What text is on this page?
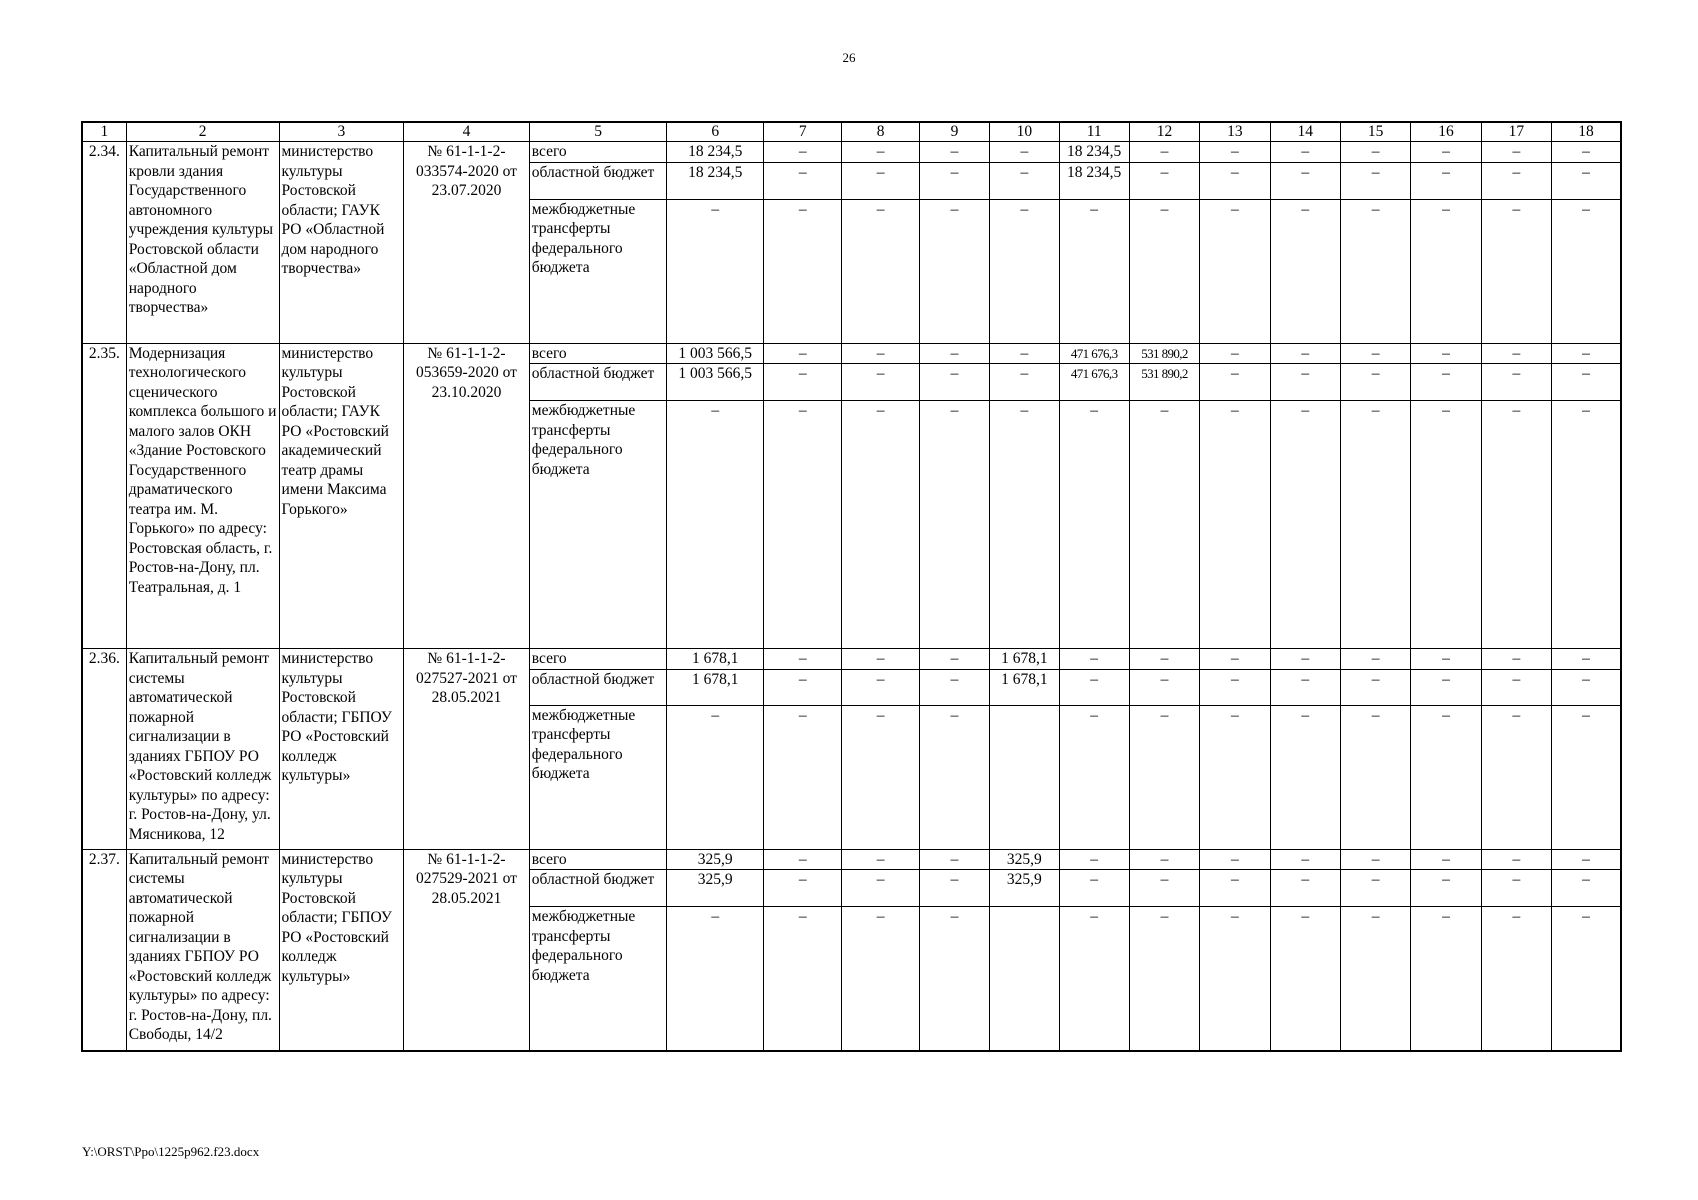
26
1	2	3	4	5	6	7	8	9	10	11	12	13	14	15	16	17	18
2.34.	Капитальный ремонт кровли здания Государственного автономного учреждения культуры Ростовской области «Областной дом народного творчества»	министерство культуры Ростовской области; ГАУК РО «Областной дом народного творчества»	№ 61-1-1-2-033574-2020 от 23.07.2020	всего	18 234,5	–	–	–	–	18 234,5	–	–	–	–	–	–	–
				областной бюджет	18 234,5	–	–	–	–	18 234,5	–	–	–	–	–	–	–
				межбюджетные трансферты федерального бюджета	–	–	–	–	–	–	–	–	–	–	–	–	–
2.35.	Модернизация технологического сценического комплекса большого и малого залов ОКН «Здание Ростовского Государственного драматического театра им. М. Горького» по адресу: Ростовская область, г. Ростов-на-Дону, пл. Театральная, д. 1	министерство культуры Ростовской области; ГАУК РО «Ростовский академический театр драмы имени Максима Горького»	№ 61-1-1-2-053659-2020 от 23.10.2020	всего	1 003 566,5	–	–	–	–	471 676,3	531 890,2	–	–	–	–	–	–
				областной бюджет	1 003 566,5	–	–	–	–	471 676,3	531 890,2	–	–	–	–	–	–
				межбюджетные трансферты федерального бюджета	–	–	–	–	–	–	–	–	–	–	–	–	–
2.36.	Капитальный ремонт системы автоматической пожарной сигнализации в зданиях ГБПОУ РО «Ростовский колледж культуры» по адресу: г. Ростов-на-Дону, ул. Мясникова, 12	министерство культуры Ростовской области; ГБПОУ РО «Ростовский колледж культуры»	№ 61-1-1-2-027527-2021 от 28.05.2021	всего	1 678,1	–	–	–	1 678,1	–	–	–	–	–	–	–	–
				областной бюджет	1 678,1	–	–	–	1 678,1	–	–	–	–	–	–	–	–
				межбюджетные трансферты федерального бюджета	–	–	–	–		–	–	–	–	–	–	–	–
2.37.	Капитальный ремонт системы автоматической пожарной сигнализации в зданиях ГБПОУ РО «Ростовский колледж культуры» по адресу: г. Ростов-на-Дону, пл. Свободы, 14/2	министерство культуры Ростовской области; ГБПОУ РО «Ростовский колледж культуры»	№ 61-1-1-2-027529-2021 от 28.05.2021	всего	325,9	–	–	–	325,9	–	–	–	–	–	–	–	–
				областной бюджет	325,9	–	–	–	325,9	–	–	–	–	–	–	–	–
				межбюджетные трансферты федерального бюджета	–	–	–	–		–	–	–	–	–	–	–	–
Y:\ORST\Ppo\1225p962.f23.docx
